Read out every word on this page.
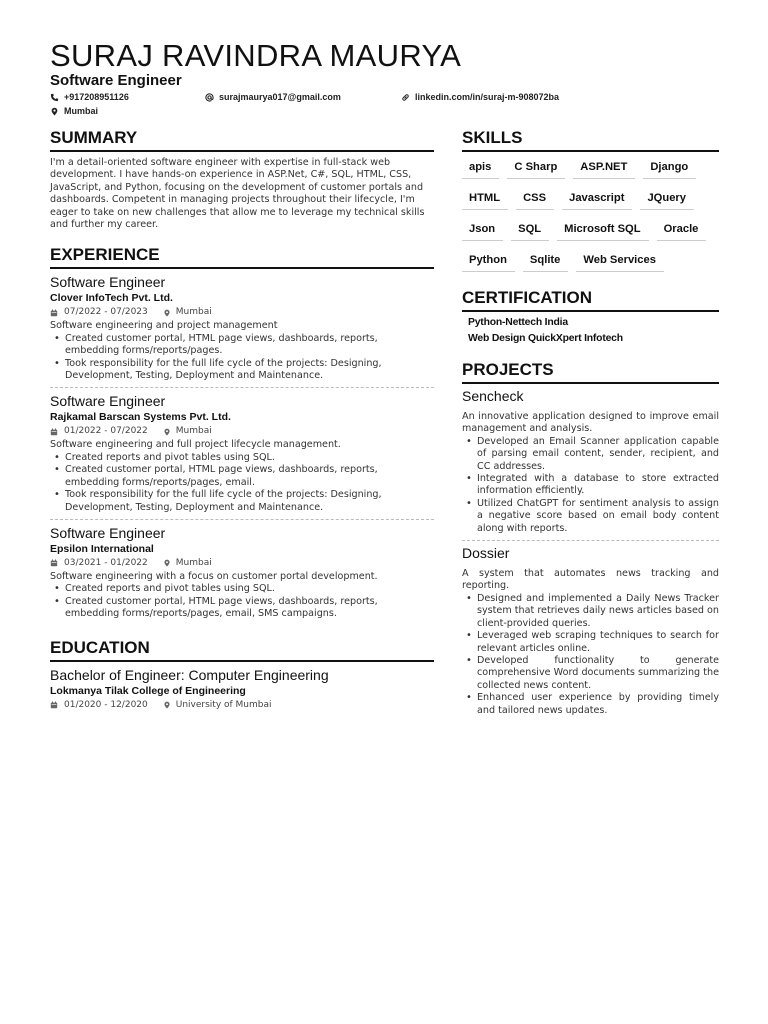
SURAJ RAVINDRA MAURYA
Software Engineer
+917208951126	surajmaurya017@gmail.com	linkedin.com/in/suraj-m-908072ba
Mumbai
SUMMARY
I'm a detail-oriented software engineer with expertise in full-stack web development. I have hands-on experience in ASP.Net, C#, SQL, HTML, CSS, JavaScript, and Python, focusing on the development of customer portals and dashboards. Competent in managing projects throughout their lifecycle, I'm eager to take on new challenges that allow me to leverage my technical skills and further my career.
EXPERIENCE
Software Engineer
Clover InfoTech Pvt. Ltd.
07/2022 - 07/2023	Mumbai
Software engineering and project management
• Created customer portal, HTML page views, dashboards, reports, embedding forms/reports/pages.
• Took responsibility for the full life cycle of the projects: Designing, Development, Testing, Deployment and Maintenance.
Software Engineer
Rajkamal Barscan Systems Pvt. Ltd.
01/2022 - 07/2022	Mumbai
Software engineering and full project lifecycle management.
• Created reports and pivot tables using SQL.
• Created customer portal, HTML page views, dashboards, reports, embedding forms/reports/pages, email.
• Took responsibility for the full life cycle of the projects: Designing, Development, Testing, Deployment and Maintenance.
Software Engineer
Epsilon International
03/2021 - 01/2022	Mumbai
Software engineering with a focus on customer portal development.
• Created reports and pivot tables using SQL.
• Created customer portal, HTML page views, dashboards, reports, embedding forms/reports/pages, email, SMS campaigns.
EDUCATION
Bachelor of Engineer: Computer Engineering
Lokmanya Tilak College of Engineering
01/2020 - 12/2020	University of Mumbai
SKILLS
apis	C Sharp	ASP.NET	Django
HTML	CSS	Javascript	JQuery
Json	SQL	Microsoft SQL	Oracle
Python	Sqlite	Web Services
CERTIFICATION
Python-Nettech India
Web Design QuickXpert Infotech
PROJECTS
Sencheck
An innovative application designed to improve email management and analysis.
• Developed an Email Scanner application capable of parsing email content, sender, recipient, and CC addresses.
• Integrated with a database to store extracted information efficiently.
• Utilized ChatGPT for sentiment analysis to assign a negative score based on email body content along with reports.
Dossier
A system that automates news tracking and reporting.
• Designed and implemented a Daily News Tracker system that retrieves daily news articles based on client-provided queries.
• Leveraged web scraping techniques to search for relevant articles online.
• Developed functionality to generate comprehensive Word documents summarizing the collected news content.
• Enhanced user experience by providing timely and tailored news updates.
